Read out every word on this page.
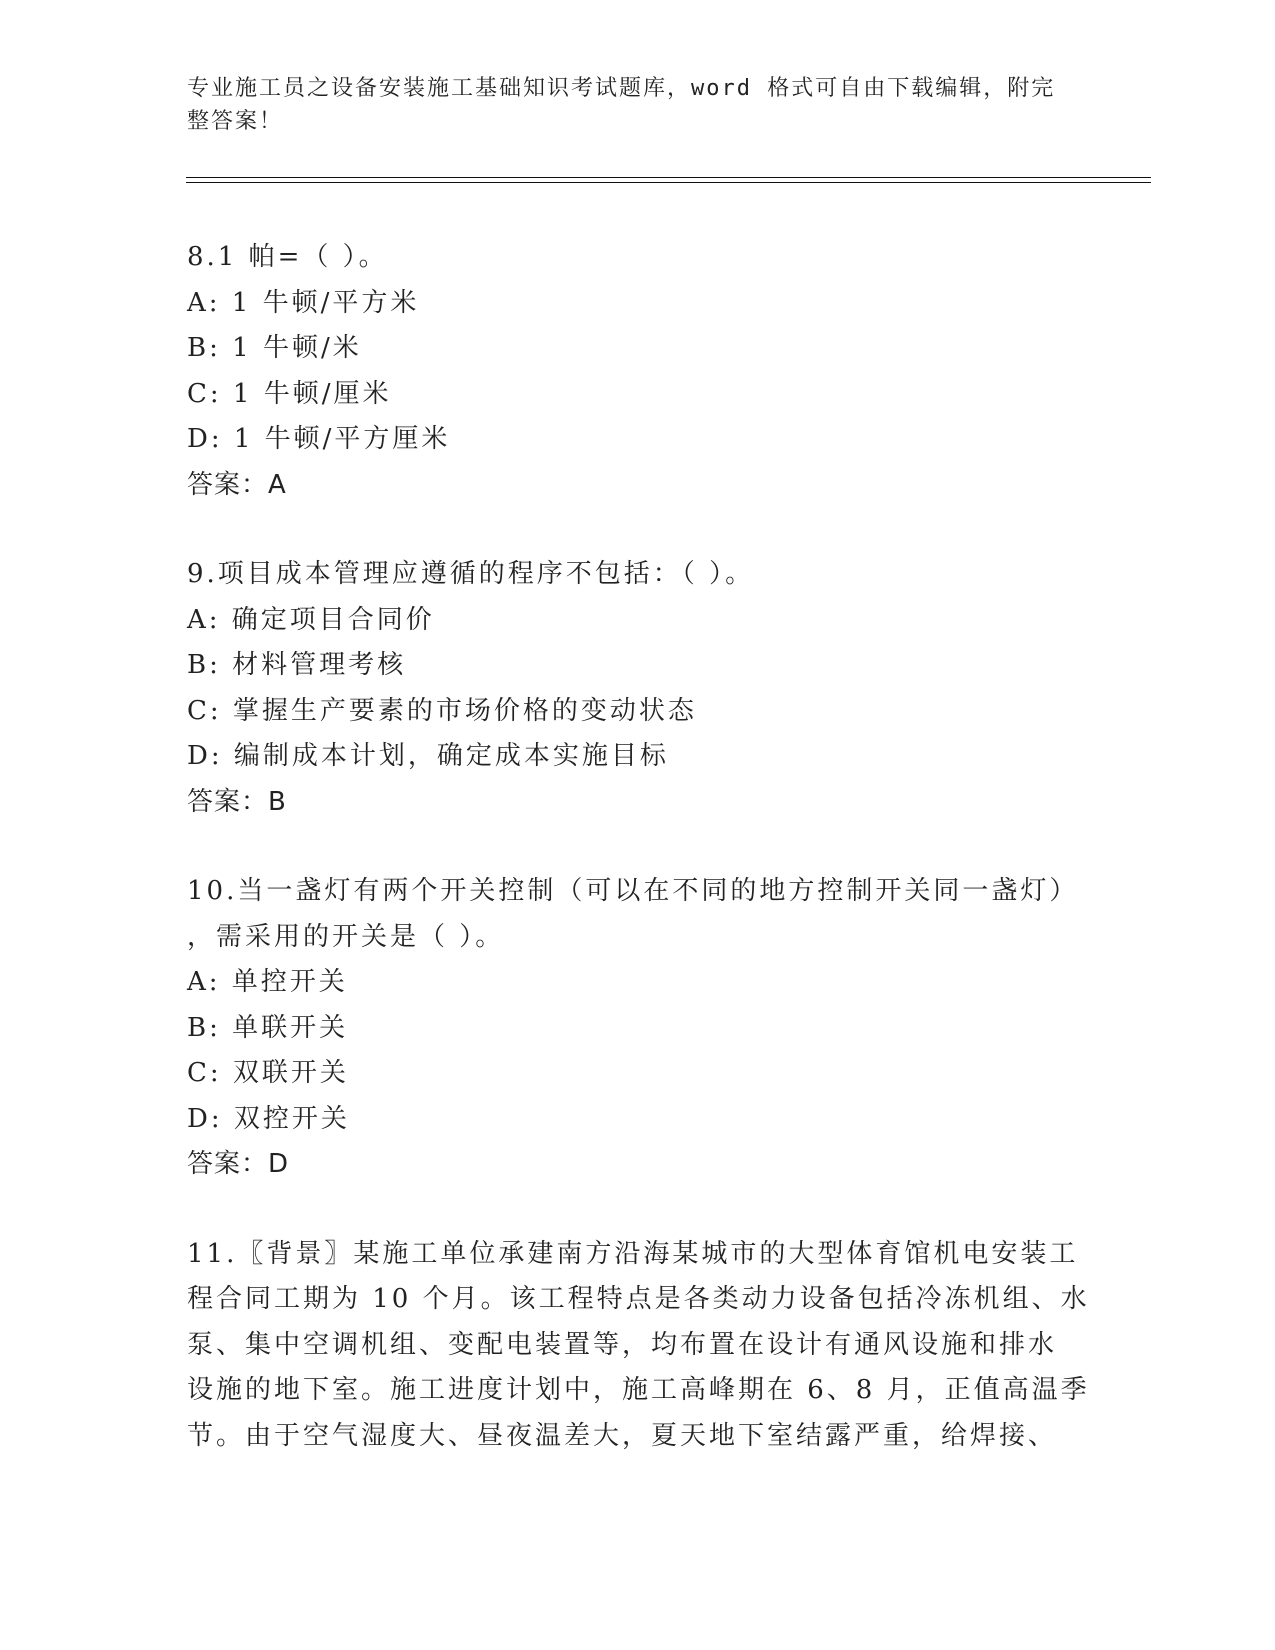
专业施工员之设备安装施工基础知识考试题库，word 格式可自由下载编辑，附完
整答案！
8.1 帕=（ ）。
A: 1 牛顿/平方米
B: 1 牛顿/米
C: 1 牛顿/厘米
D: 1 牛顿/平方厘米
答案：A
9.项目成本管理应遵循的程序不包括：（ ）。
A: 确定项目合同价
B: 材料管理考核
C: 掌握生产要素的市场价格的变动状态
D: 编制成本计划，确定成本实施目标
答案：B
10.当一盏灯有两个开关控制（可以在不同的地方控制开关同一盏灯）
，需采用的开关是（ ）。
A: 单控开关
B: 单联开关
C: 双联开关
D: 双控开关
答案：D
11.〖背景〗某施工单位承建南方沿海某城市的大型体育馆机电安装工
程合同工期为 10 个月。该工程特点是各类动力设备包括冷冻机组、水
泵、集中空调机组、变配电装置等，均布置在设计有通风设施和排水
设施的地下室。施工进度计划中，施工高峰期在 6、8 月，正值高温季
节。由于空气湿度大、昼夜温差大，夏天地下室结露严重，给焊接、
